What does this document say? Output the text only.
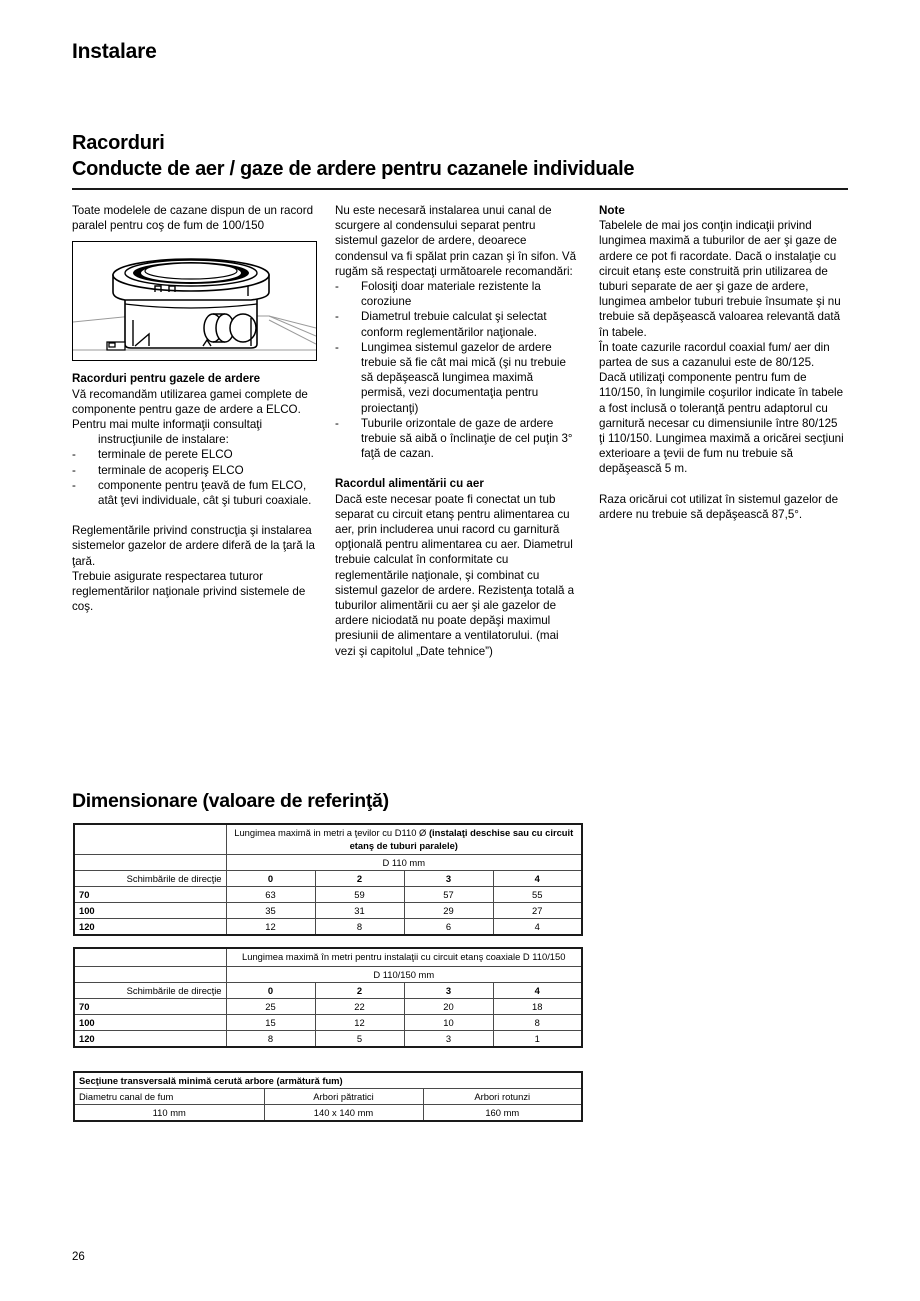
Instalare
Racorduri
Conducte de aer / gaze de ardere pentru cazanele individuale
Toate modelele de cazane dispun de un racord paralel pentru coş de fum de 100/150
Racorduri pentru gazele de ardere
Vă recomandăm utilizarea gamei complete de componente pentru gaze de ardere a ELCO.
Pentru mai multe informaţii consultaţi
instrucţiunile de instalare:
- terminale de perete ELCO
- terminale de acoperiş ELCO
- componente pentru ţeavă de fum ELCO, atât ţevi individuale, cât şi tuburi coaxiale.
Reglementările privind construcţia şi instalarea sistemelor gazelor de ardere diferă de la ţară la ţară.
Trebuie asigurate respectarea tuturor reglementărilor naţionale privind sistemele de coş.
Nu este necesară instalarea unui canal de scurgere al condensului separat pentru sistemul gazelor de ardere, deoarece condensul va fi spălat prin cazan şi în sifon. Vă rugăm să respectaţi următoarele recomandări:
- Folosiţi doar materiale rezistente la coroziune
- Diametrul trebuie calculat şi selectat conform reglementărilor naţionale.
- Lungimea sistemul gazelor de ardere trebuie să fie cât mai mică (şi nu trebuie să depăşească lungimea maximă permisă, vezi documentaţia pentru proiectanţi)
- Tuburile orizontale de gaze de ardere trebuie să aibă o înclinaţie de cel puţin 3° faţă de cazan.
Racordul alimentării cu aer
Dacă este necesar poate fi conectat un tub separat cu circuit etanş pentru alimentarea cu aer, prin includerea unui racord cu garnitură opţională pentru alimentarea cu aer. Diametrul trebuie calculat în conformitate cu reglementările naţionale, şi combinat cu sistemul gazelor de ardere. Rezistenţa totală a tuburilor alimentării cu aer şi ale gazelor de ardere niciodată nu poate depăşi maximul presiunii de alimentare a ventilatorului. (mai vezi şi capitolul „Date tehnice”)
Note
Tabelele de mai jos conţin indicaţii privind lungimea maximă a tuburilor de aer şi gaze de ardere ce pot fi racordate. Dacă o instalaţie cu circuit etanş este construită prin utilizarea de tuburi separate de aer şi gaze de ardere, lungimea ambelor tuburi trebuie însumate şi nu trebuie să depăşească valoarea relevantă dată în tabele.
În toate cazurile racordul coaxial fum/ aer din partea de sus a cazanului este de 80/125. Dacă utilizaţi componente pentru fum de 110/150, în lungimile coşurilor indicate în tabele a fost inclusă o toleranţă pentru adaptorul cu garnitură necesar cu dimensiunile între 80/125 ţi 110/150. Lungimea maximă a oricărei secţiuni exterioare a ţevii de fum nu trebuie să depăşească 5 m.
Raza oricărui cot utilizat în sistemul gazelor de ardere nu trebuie să depăşească 87,5°.
Dimensionare (valoare de referinţă)
	Lungimea maximă in metri a ţevilor cu D110 Ø (instalaţi deschise sau cu circuit etanş de tuburi paralele)			
	D 110 mm			
Schimbările de direcţie	0	2	3	4
70	63	59	57	55
100	35	31	29	27
120	12	8	6	4
	Lungimea maximă în metri pentru instalaţii cu circuit etanş coaxiale D 110/150			
	D 110/150 mm			
Schimbările de direcţie	0	2	3	4
70	25	22	20	18
100	15	12	10	8
120	8	5	3	1
Secţiune transversală minimă cerută arbore (armătură fum)		
Diametru canal de fum	Arbori pătratici	Arbori rotunzi
110 mm	140 x 140 mm	160 mm
26
